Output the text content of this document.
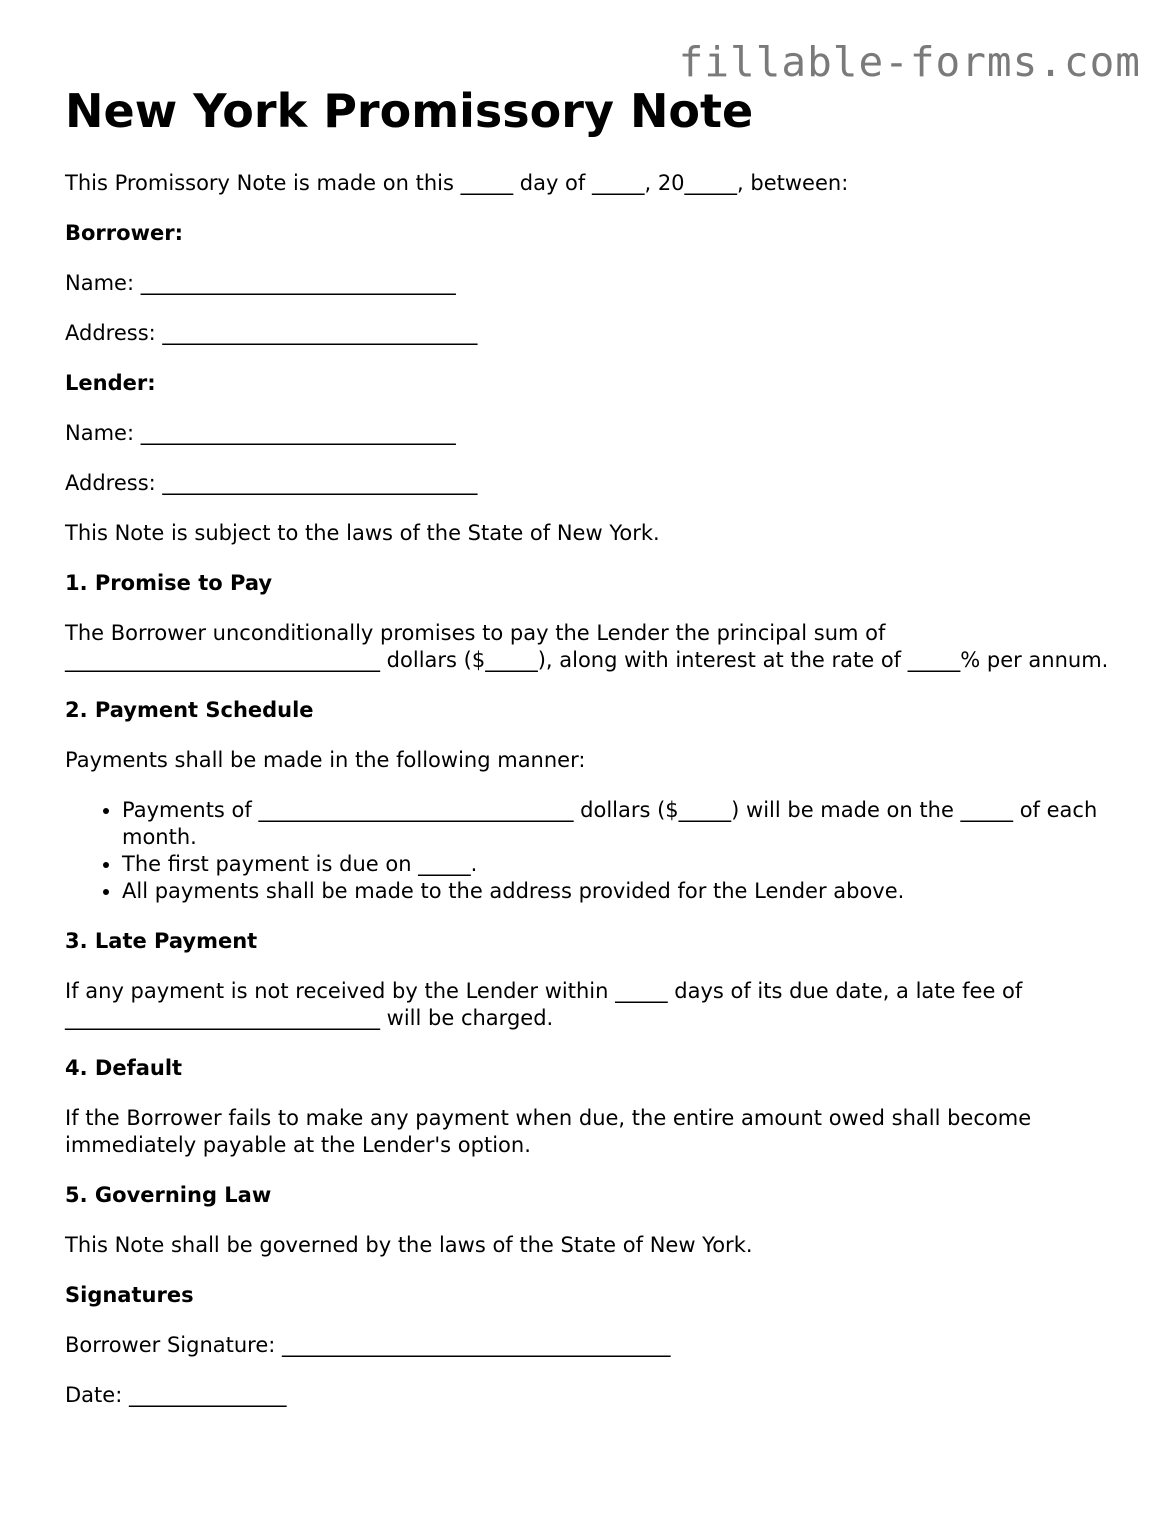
fillable-forms.com
New York Promissory Note

This Promissory Note is made on this _____ day of _____, 20_____, between:

Borrower:

Name: ______________________________

Address: ______________________________

Lender:

Name: ______________________________

Address: ______________________________

This Note is subject to the laws of the State of New York.

1. Promise to Pay

The Borrower unconditionally promises to pay the Lender the principal sum of ______________________________ dollars ($_____), along with interest at the rate of _____% per annum.

2. Payment Schedule

Payments shall be made in the following manner:

• Payments of ______________________________ dollars ($_____) will be made on the _____ of each month.
• The first payment is due on _____.
• All payments shall be made to the address provided for the Lender above.

3. Late Payment

If any payment is not received by the Lender within _____ days of its due date, a late fee of ______________________________ will be charged.

4. Default

If the Borrower fails to make any payment when due, the entire amount owed shall become immediately payable at the Lender's option.

5. Governing Law

This Note shall be governed by the laws of the State of New York.

Signatures

Borrower Signature: _____________________________________

Date: _______________
